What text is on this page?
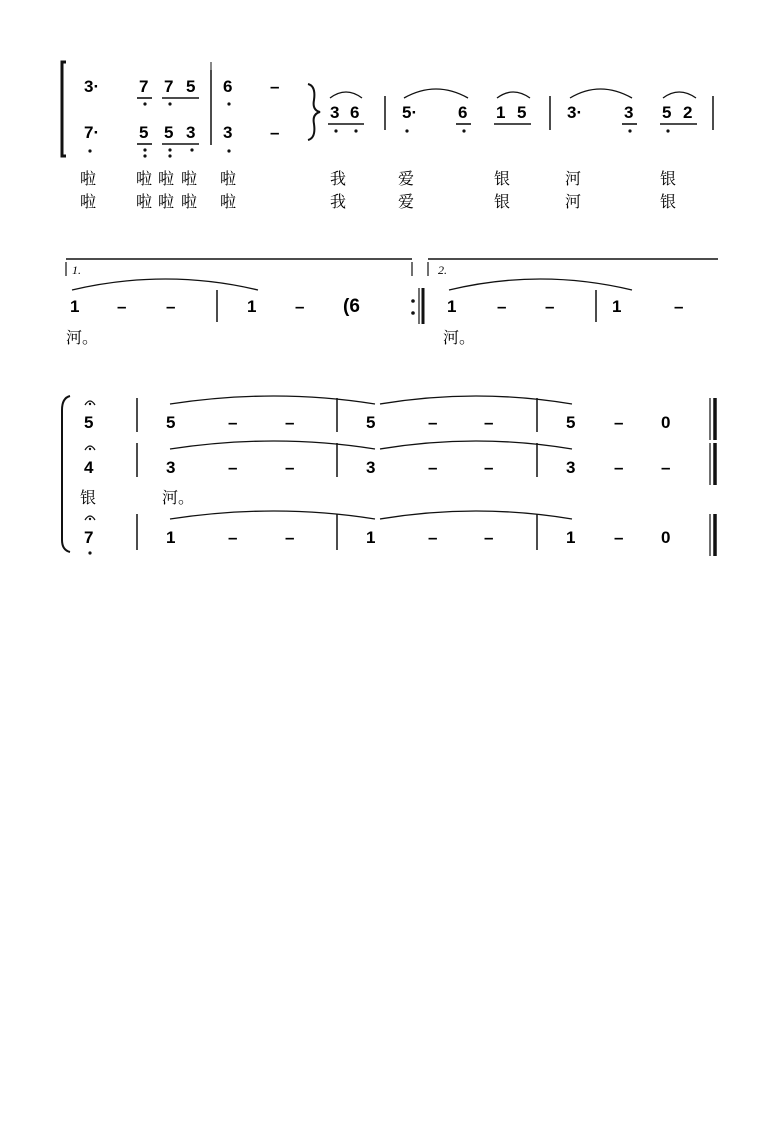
3· 7 7 5 6 –
7· 5 5 3 3 –
3 6	5· 6 1 5 3· 3 5 2
啦 啦 啦 啦 啦	我	爱	银	河	银
啦 啦 啦 啦 啦	我	爱	银	河	银
1.	2.
1 – –	1 – (6	1 – –	1	–
河。	河。
5	5	–	–	5	–	–	5 – 0
4	3	–	–	3	–	–	3 – –
银	河。
7	1	–	–	1	–	–	1 – 0
